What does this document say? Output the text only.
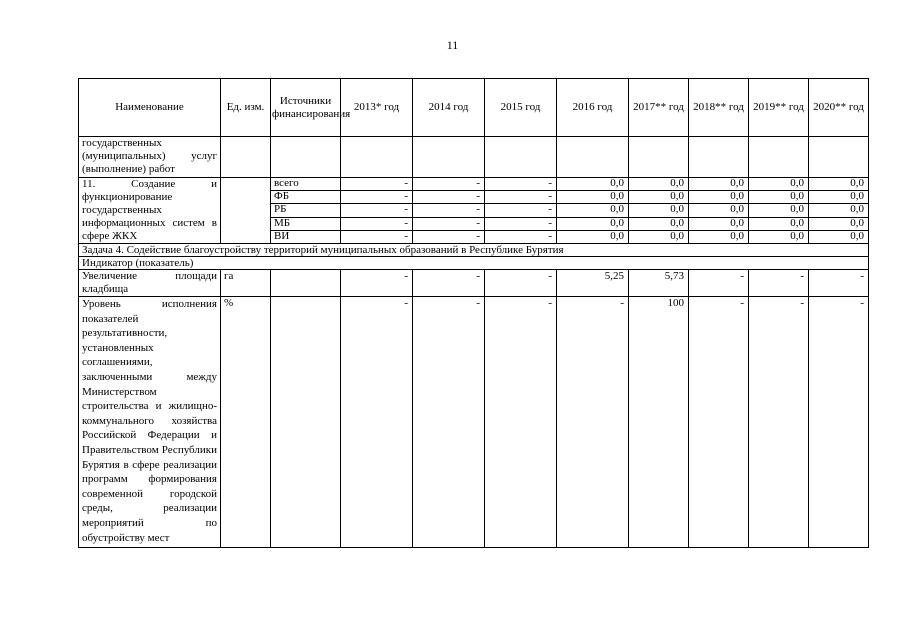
11
Наименование	Ед. изм.	Источники финансирования	2013* год	2014 год	2015 год	2016 год	2017** год	2018** год	2019** год	2020** год
государственных (муниципальных) услуг (выполнение) работ										
11. Создание и функционирование государственных информационных систем в сфере ЖКХ		всего	-	-	-	0,0	0,0	0,0	0,0	0,0
		ФБ	-	-	-	0,0	0,0	0,0	0,0	0,0
		РБ	-	-	-	0,0	0,0	0,0	0,0	0,0
		МБ	-	-	-	0,0	0,0	0,0	0,0	0,0
		ВИ	-	-	-	0,0	0,0	0,0	0,0	0,0
Задача 4. Содействие благоустройству территорий муниципальных образований в Республике Бурятия										
Индикатор (показатель)										
Увеличение площади кладбища	га		-	-	-	5,25	5,73	-	-	-
Уровень исполнения показателей результативности, установленных соглашениями, заключенными между Министерством строительства и жилищно-коммунального хозяйства Российской Федерации и Правительством Республики Бурятия в сфере реализации программ формирования современной городской среды, реализации мероприятий по обустройству мест	%		-	-	-	-	100	-	-	-
